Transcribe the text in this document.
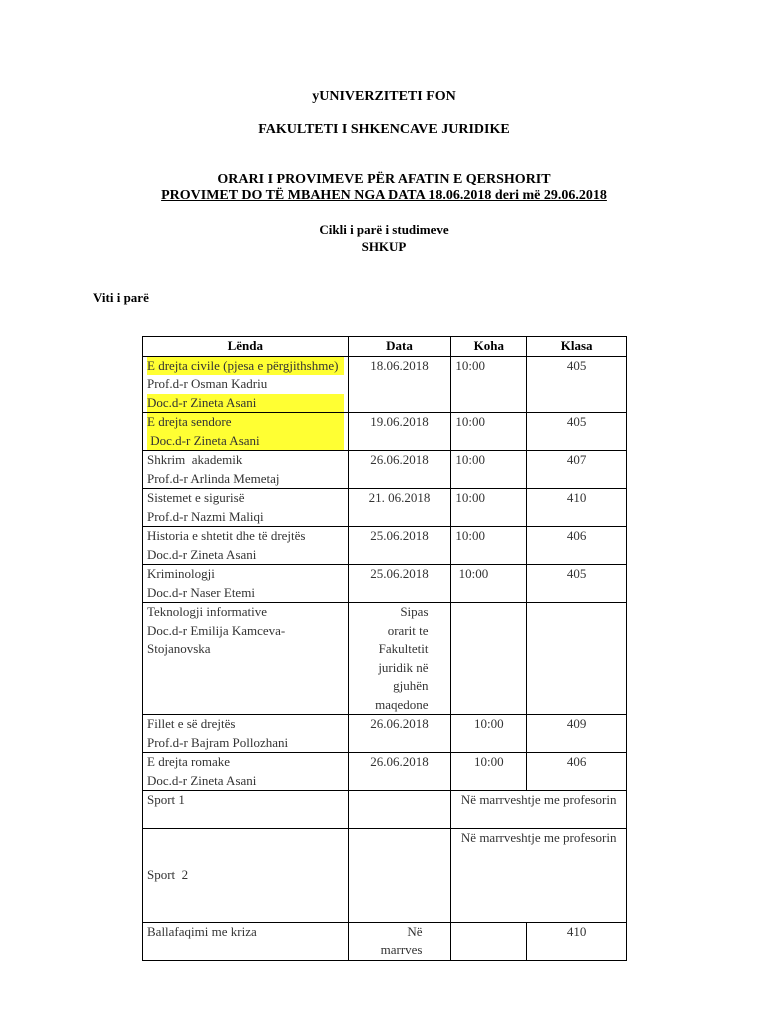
yUNIVERZITETI FON
FAKULTETI I SHKENCAVE JURIDIKE
ORARI I PROVIMEVE PËR AFATIN E QERSHORIT
PROVIMET DO TË MBAHEN NGA DATA 18.06.2018 deri më 29.06.2018
Cikli i parë i studimeve
SHKUP
Viti i parë
Lënda	Data	Koha	Klasa

E drejta civile (pjesa e përgjithshme)
Prof.d-r Osman Kadriu
Doc.d-r Zineta Asani	18.06.2018	10:00	405

E drejta sendore
Doc.d-r Zineta Asani	19.06.2018	10:00	405

Shkrim  akademik
Prof.d-r Arlinda Memetaj	26.06.2018	10:00	407

Sistemet e sigurisë
Prof.d-r Nazmi Maliqi	21. 06.2018	10:00	410

Historia e shtetit dhe të drejtës
Doc.d-r Zineta Asani	25.06.2018	10:00	406

Kriminologji
Doc.d-r Naser Etemi	25.06.2018	10:00	405

Teknologji informative
Doc.d-r Emilija Kamceva-Stojanovska	Sipas orarit te Fakultetit juridik në gjuhën maqedone		

Fillet e së drejtës
Prof.d-r Bajram Pollozhani	26.06.2018	10:00	409

E drejta romake
Doc.d-r Zineta Asani	26.06.2018	10:00	406

Sport 1		Në marrveshtje me profesorin	

Sport  2		Në marrveshtje me profesorin	

Ballafaqimi me kriza	Në marrves		410
